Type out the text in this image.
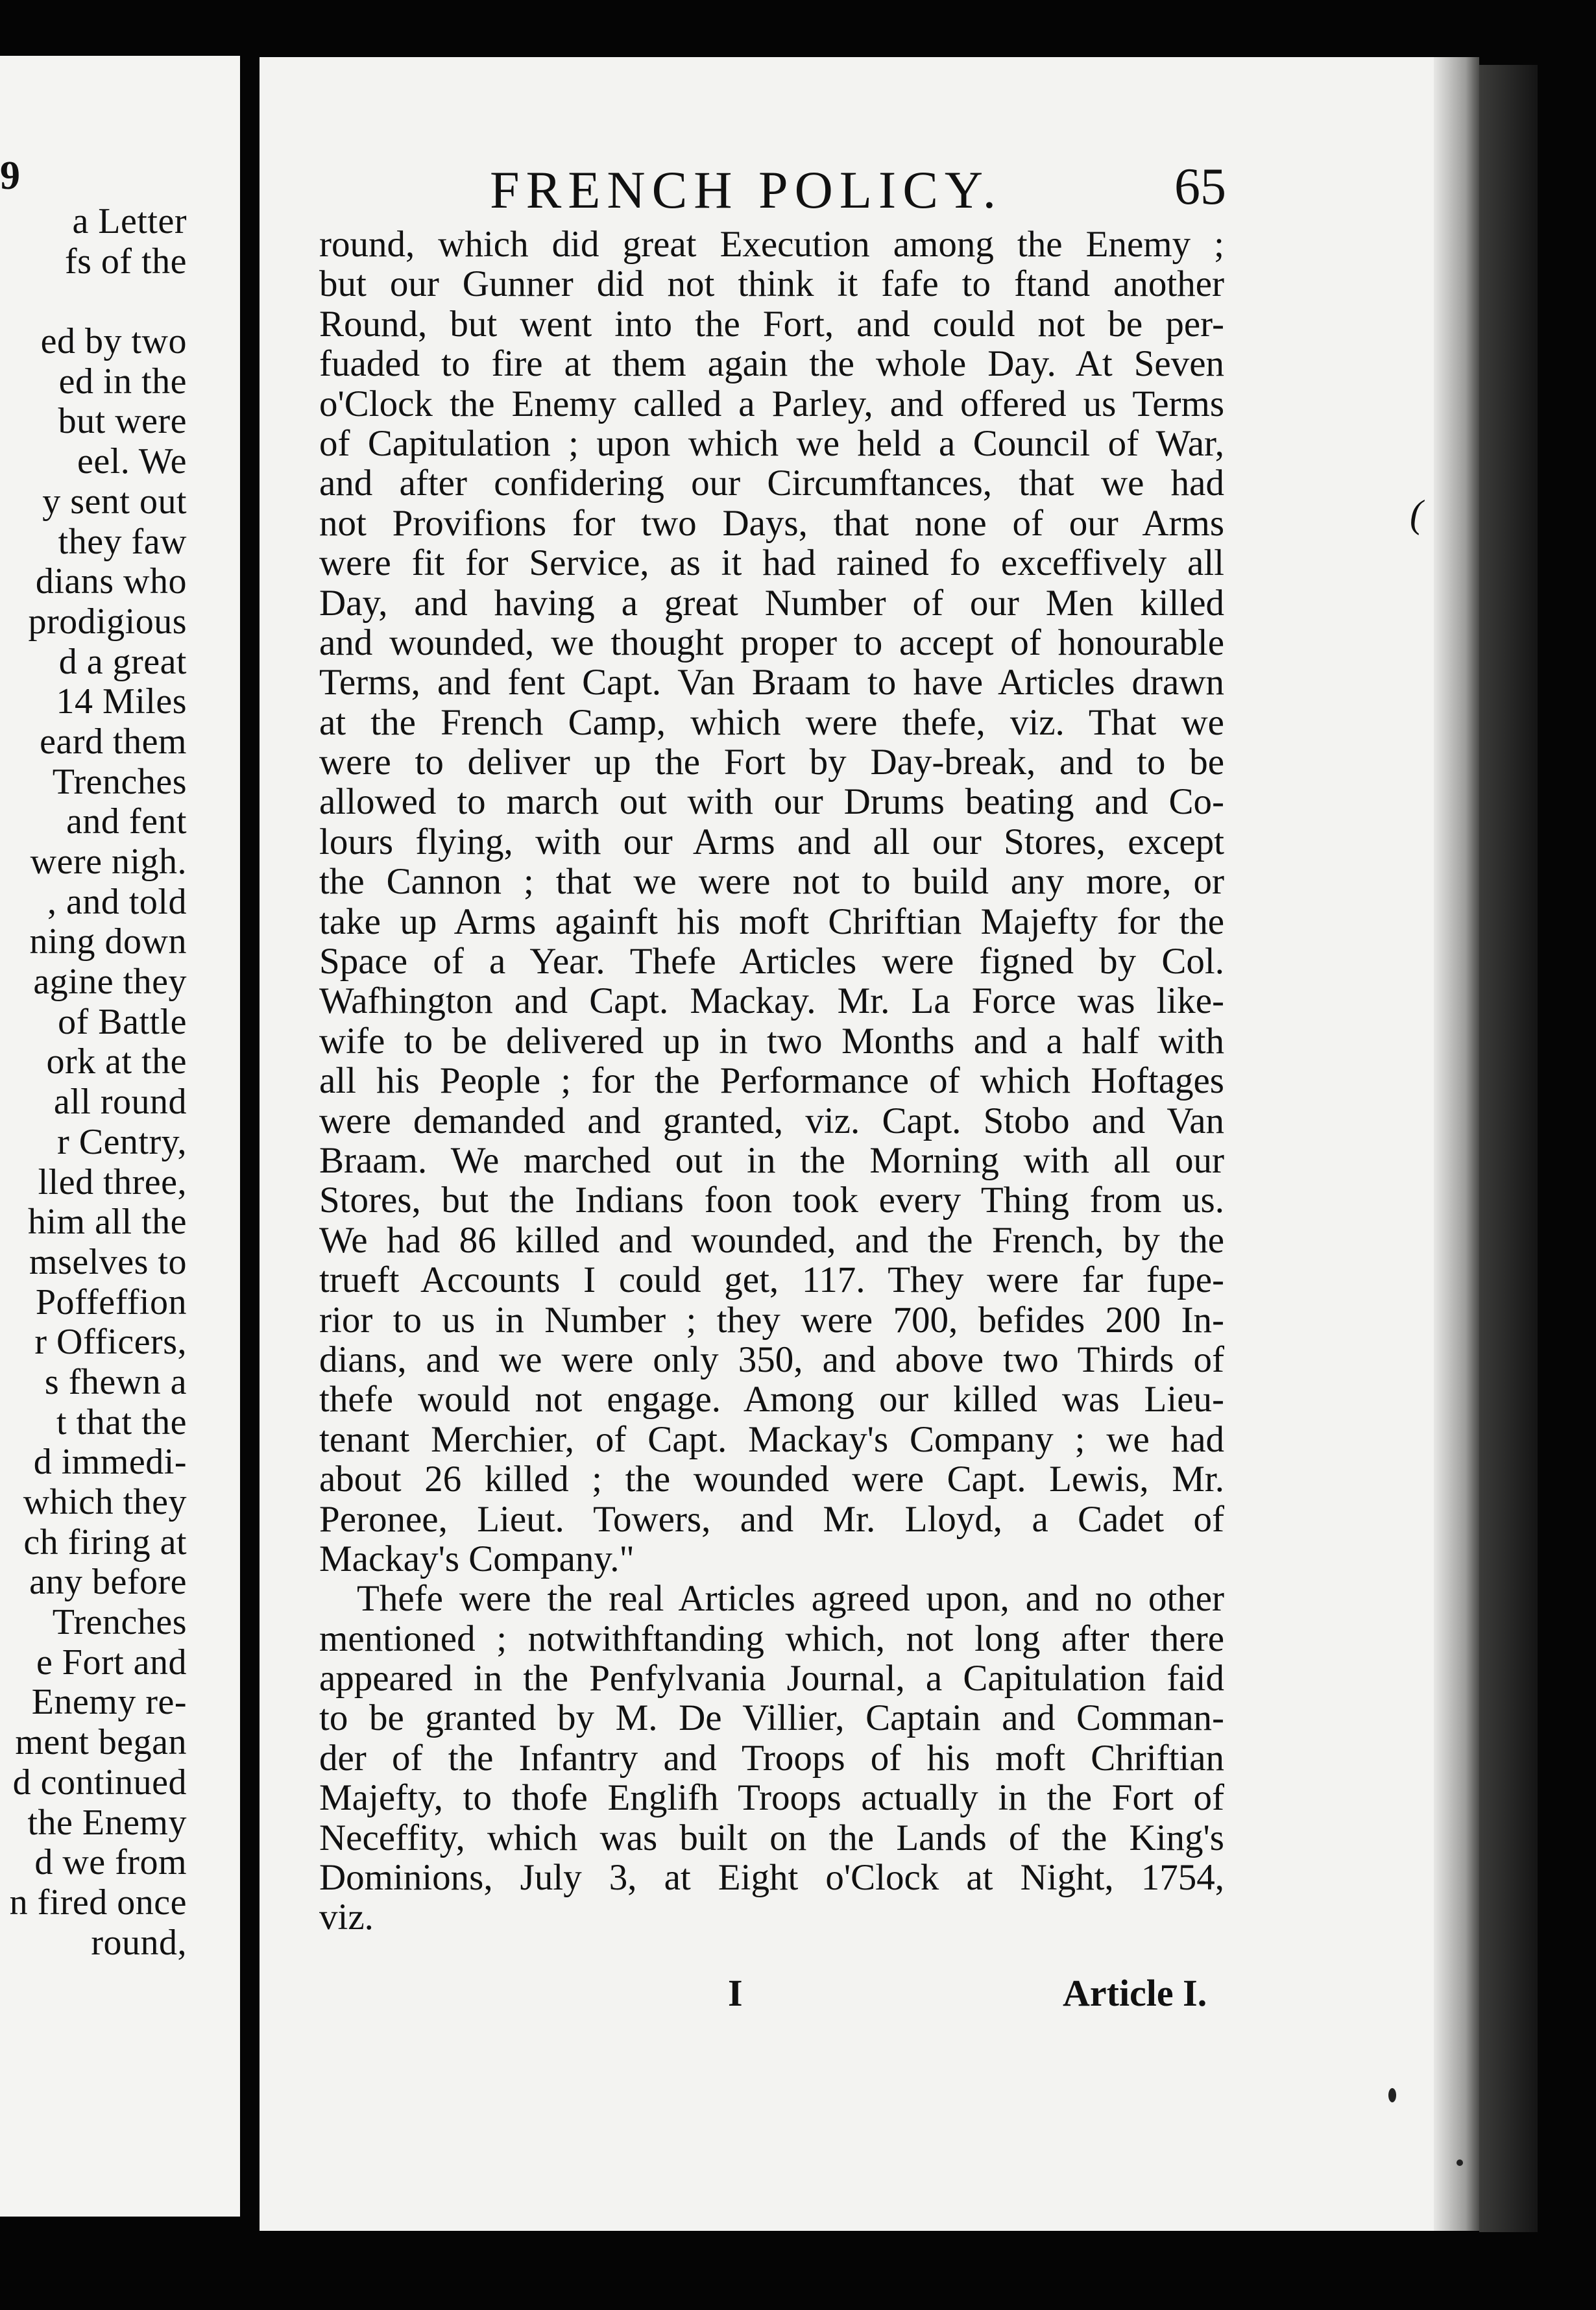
9
a Letter
fs of the
ed by two
ed in the
but were
eel. We
y sent out
they faw
dians who
prodigious
d a great
14 Miles
eard them
Trenches
and fent
were nigh.
, and told
ning down
agine they
of Battle
ork at the
all round
r Centry,
lled three,
him all the
mselves to
Poffeffion
r Officers,
s fhewn a
t that the
d immedi-
which they
ch firing at
any before
Trenches
e Fort and
Enemy re-
ment began
d continued
the Enemy
d we from
n fired once
round,
FRENCH POLICY.	65
(
round, which did great Execution among the Enemy ;
but our Gunner did not think it fafe to ftand another
Round, but went into the Fort, and could not be per-
fuaded to fire at them again the whole Day. At Seven
o'Clock the Enemy called a Parley, and offered us Terms
of Capitulation ; upon which we held a Council of War,
and after confidering our Circumftances, that we had
not Provifions for two Days, that none of our Arms
were fit for Service, as it had rained fo exceffively all
Day, and having a great Number of our Men killed
and wounded, we thought proper to accept of honourable
Terms, and fent Capt. Van Braam to have Articles drawn
at the French Camp, which were thefe, viz. That we
were to deliver up the Fort by Day-break, and to be
allowed to march out with our Drums beating and Co-
lours flying, with our Arms and all our Stores, except
the Cannon ; that we were not to build any more, or
take up Arms againft his moft Chriftian Majefty for the
Space of a Year. Thefe Articles were figned by Col.
Wafhington and Capt. Mackay. Mr. La Force was like-
wife to be delivered up in two Months and a half with
all his People ; for the Performance of which Hoftages
were demanded and granted, viz. Capt. Stobo and Van
Braam. We marched out in the Morning with all our
Stores, but the Indians foon took every Thing from us.
We had 86 killed and wounded, and the French, by the
trueft Accounts I could get, 117. They were far fupe-
rior to us in Number ; they were 700, befides 200 In-
dians, and we were only 350, and above two Thirds of
thefe would not engage. Among our killed was Lieu-
tenant Merchier, of Capt. Mackay's Company ; we had
about 26 killed ; the wounded were Capt. Lewis, Mr.
Peronee, Lieut. Towers, and Mr. Lloyd, a Cadet of
Mackay's Company."
Thefe were the real Articles agreed upon, and no other
mentioned ; notwithftanding which, not long after there
appeared in the Penfylvania Journal, a Capitulation faid
to be granted by M. De Villier, Captain and Comman-
der of the Infantry and Troops of his moft Chriftian
Majefty, to thofe Englifh Troops actually in the Fort of
Neceffity, which was built on the Lands of the King's
Dominions, July 3, at Eight o'Clock at Night, 1754,
viz.
I	Article I.
